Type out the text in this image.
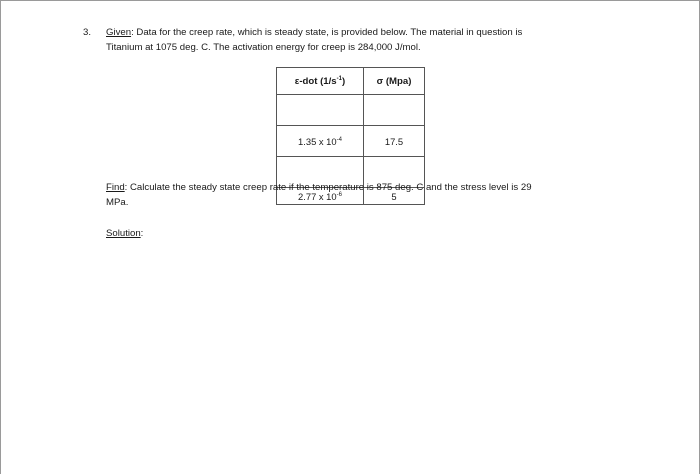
3. Given: Data for the creep rate, which is steady state, is provided below. The material in question is
Titanium at 1075 deg. C. The activation energy for creep is 284,000 J/mol.
ε-dot $(1/s^{-1})$	σ (Mpa)

1.35 x $10^{-4}$	17.5

2.77 x $10^{-6}$	5
Find: Calculate the steady state creep rate if the temperature is 875 deg. C and the stress level is 29
MPa.
Solution:
